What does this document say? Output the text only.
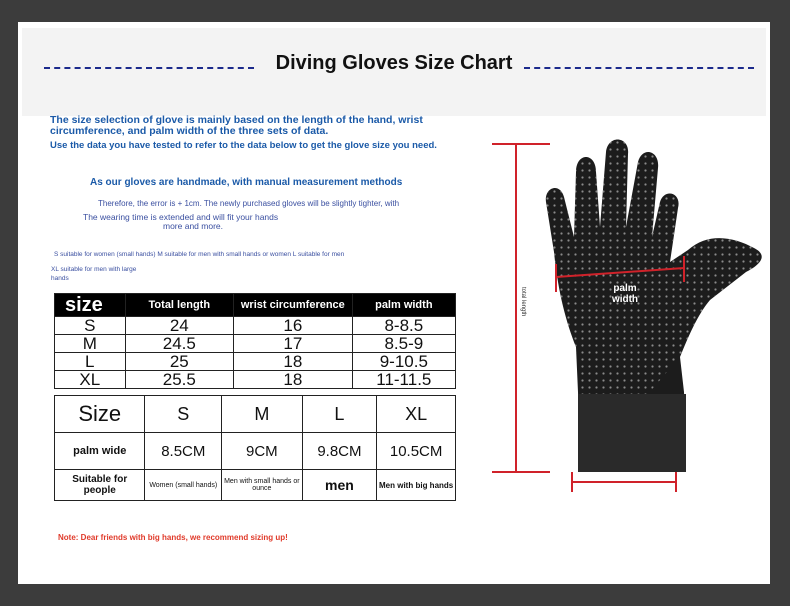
Diving Gloves Size Chart
The size selection of glove is mainly based on the length of the hand, wrist
circumference, and palm width of the three sets of data.
Use the data you have tested to refer to the data below to get the glove size you need.
As our gloves are handmade, with manual measurement methods
Therefore, the error is + 1cm. The newly purchased gloves will be slightly tighter, with
The wearing time is extended and will fit your hands
more and more.
S suitable for women (small hands) M suitable for men with small hands or women L suitable for men
XL suitable for men with large
hands
size	Total length	wrist circumference	palm width
S	24	16	8-8.5
M	24.5	17	8.5-9
L	25	18	9-10.5
XL	25.5	18	11-11.5
Size	S	M	L	XL
palm wide	8.5CM	9CM	9.8CM	10.5CM
Suitable for people	Women (small hands)	Men with small hands or ounce	men	Men with big hands
Note: Dear friends with big hands, we recommend sizing up!
palm
width
total length
